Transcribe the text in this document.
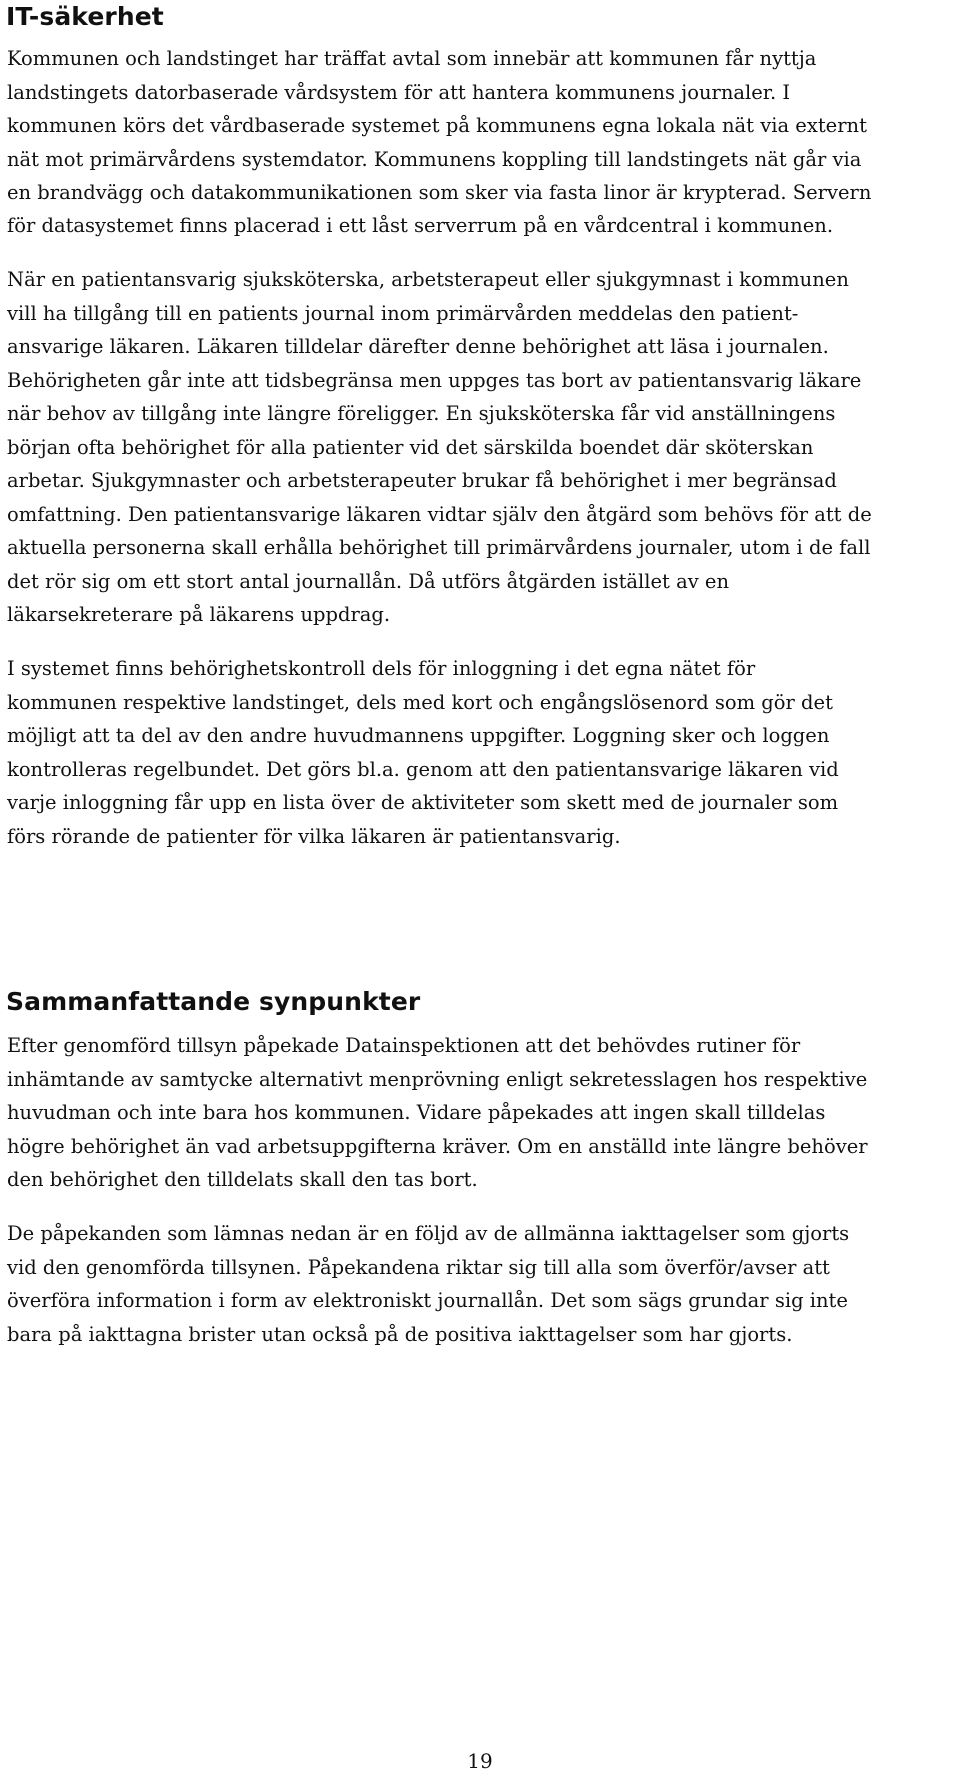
IT-säkerhet

Kommunen och landstinget har träffat avtal som innebär att kommunen får nyttja

landstingets datorbaserade vårdsystem för att hantera kommunens journaler. I

kommunen körs det vårdbaserade systemet på kommunens egna lokala nät via externt

nät mot primärvårdens systemdator. Kommunens koppling till landstingets nät går via

en brandvägg och datakommunikationen som sker via fasta linor är krypterad. Servern

för datasystemet finns placerad i ett låst serverrum på en vårdcentral i kommunen.

När en patientansvarig sjuksköterska, arbetsterapeut eller sjukgymnast i kommunen

vill ha tillgång till en patients journal inom primärvården meddelas den patient-

ansvarige läkaren. Läkaren tilldelar därefter denne behörighet att läsa i journalen.

Behörigheten går inte att tidsbegränsa men uppges tas bort av patientansvarig läkare

när behov av tillgång inte längre föreligger. En sjuksköterska får vid anställningens

början ofta behörighet för alla patienter vid det särskilda boendet där sköterskan

arbetar. Sjukgymnaster och arbetsterapeuter brukar få behörighet i mer begränsad

omfattning. Den patientansvarige läkaren vidtar själv den åtgärd som behövs för att de

aktuella personerna skall erhålla behörighet till primärvårdens journaler, utom i de fall

det rör sig om ett stort antal journallån. Då utförs åtgärden istället av en

läkarsekreterare på läkarens uppdrag.

I systemet finns behörighetskontroll dels för inloggning i det egna nätet för

kommunen respektive landstinget, dels med kort och engångslösenord som gör det

möjligt att ta del av den andre huvudmannens uppgifter. Loggning sker och loggen

kontrolleras regelbundet. Det görs bl.a. genom att den patientansvarige läkaren vid

varje inloggning får upp en lista över de aktiviteter som skett med de journaler som

förs rörande de patienter för vilka läkaren är patientansvarig.

Sammanfattande synpunkter

Efter genomförd tillsyn påpekade Datainspektionen att det behövdes rutiner för

inhämtande av samtycke alternativt menprövning enligt sekretesslagen hos respektive

huvudman och inte bara hos kommunen. Vidare påpekades att ingen skall tilldelas

högre behörighet än vad arbetsuppgifterna kräver. Om en anställd inte längre behöver

den behörighet den tilldelats skall den tas bort.

De påpekanden som lämnas nedan är en följd av de allmänna iakttagelser som gjorts

vid den genomförda tillsynen. Påpekandena riktar sig till alla som överför/avser att

överföra information i form av elektroniskt journallån. Det som sägs grundar sig inte

bara på iakttagna brister utan också på de positiva iakttagelser som har gjorts.

19
